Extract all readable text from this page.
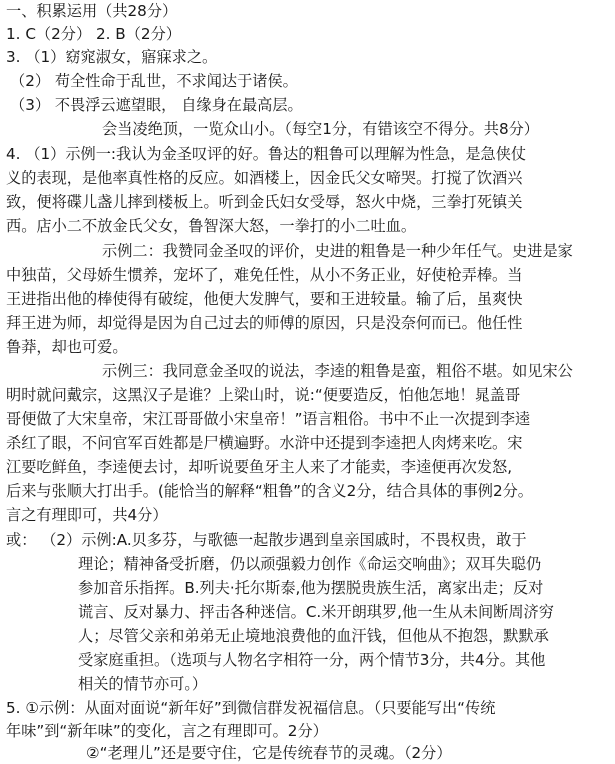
一、积累运用（共28分）
1. C（2分） 2. B（2分）
3. （1）窈窕淑女，寤寐求之。
（2） 苟全性命于乱世，不求闻达于诸侯。
（3） 不畏浮云遮望眼， 自缘身在最高层。
会当凌绝顶，一览众山小。（每空1分，有错该空不得分。共8分）
4. （1）示例一:我认为金圣叹评的好。鲁达的粗鲁可以理解为性急，是急侠仗
义的表现，是他率真性格的反应。如酒楼上，因金氏父女啼哭。打搅了饮酒兴
致，便将碟儿盏儿摔到楼板上。听到金氏妇女受辱，怒火中烧，三拳打死镇关
西。店小二不放金氏父女，鲁智深大怒，一拳打的小二吐血。
示例二：我赞同金圣叹的评价，史进的粗鲁是一种少年任气。史进是家
中独苗，父母娇生惯养，宠坏了，难免任性，从小不务正业，好使枪弄棒。当
王进指出他的棒使得有破绽，他便大发脾气，要和王进较量。输了后，虽爽快
拜王进为师，却觉得是因为自己过去的师傅的原因，只是没奈何而已。他任性
鲁莽，却也可爱。
示例三：我同意金圣叹的说法，李逵的粗鲁是蛮，粗俗不堪。如见宋公
明时就问戴宗，这黑汉子是谁？上梁山时，说:“便要造反，怕他怎地！晁盖哥
哥便做了大宋皇帝，宋江哥哥做小宋皇帝！”语言粗俗。书中不止一次提到李逵
杀红了眼，不问官军百姓都是尸横遍野。水浒中还提到李逵把人肉烤来吃。宋
江要吃鲜鱼，李逵便去讨，却听说要鱼牙主人来了才能卖，李逵便再次发怒,
后来与张顺大打出手。(能恰当的解释“粗鲁”的含义2分，结合具体的事例2分。
言之有理即可，共4分）
或： （2）示例:A.贝多芬，与歌德一起散步遇到皇亲国戚时，不畏权贵，敢于
理论；精神备受折磨，仍以顽强毅力创作《命运交响曲》；双耳失聪仍
参加音乐指挥。B.列夫·托尔斯泰,他为摆脱贵族生活，离家出走；反对
谎言、反对暴力、抨击各种迷信。C.米开朗琪罗,他一生从未间断周济穷
人；尽管父亲和弟弟无止境地浪费他的血汗钱，但他从不抱怨，默默承
受家庭重担。（选项与人物名字相符一分，两个情节3分，共4分。其他
相关的情节亦可。）
5. ①示例：从面对面说“新年好”到微信群发祝福信息。（只要能写出“传统
年味”到“新年味”的变化，言之有理即可。2分）
②“老理儿”还是要守住，它是传统春节的灵魂。（2分）
